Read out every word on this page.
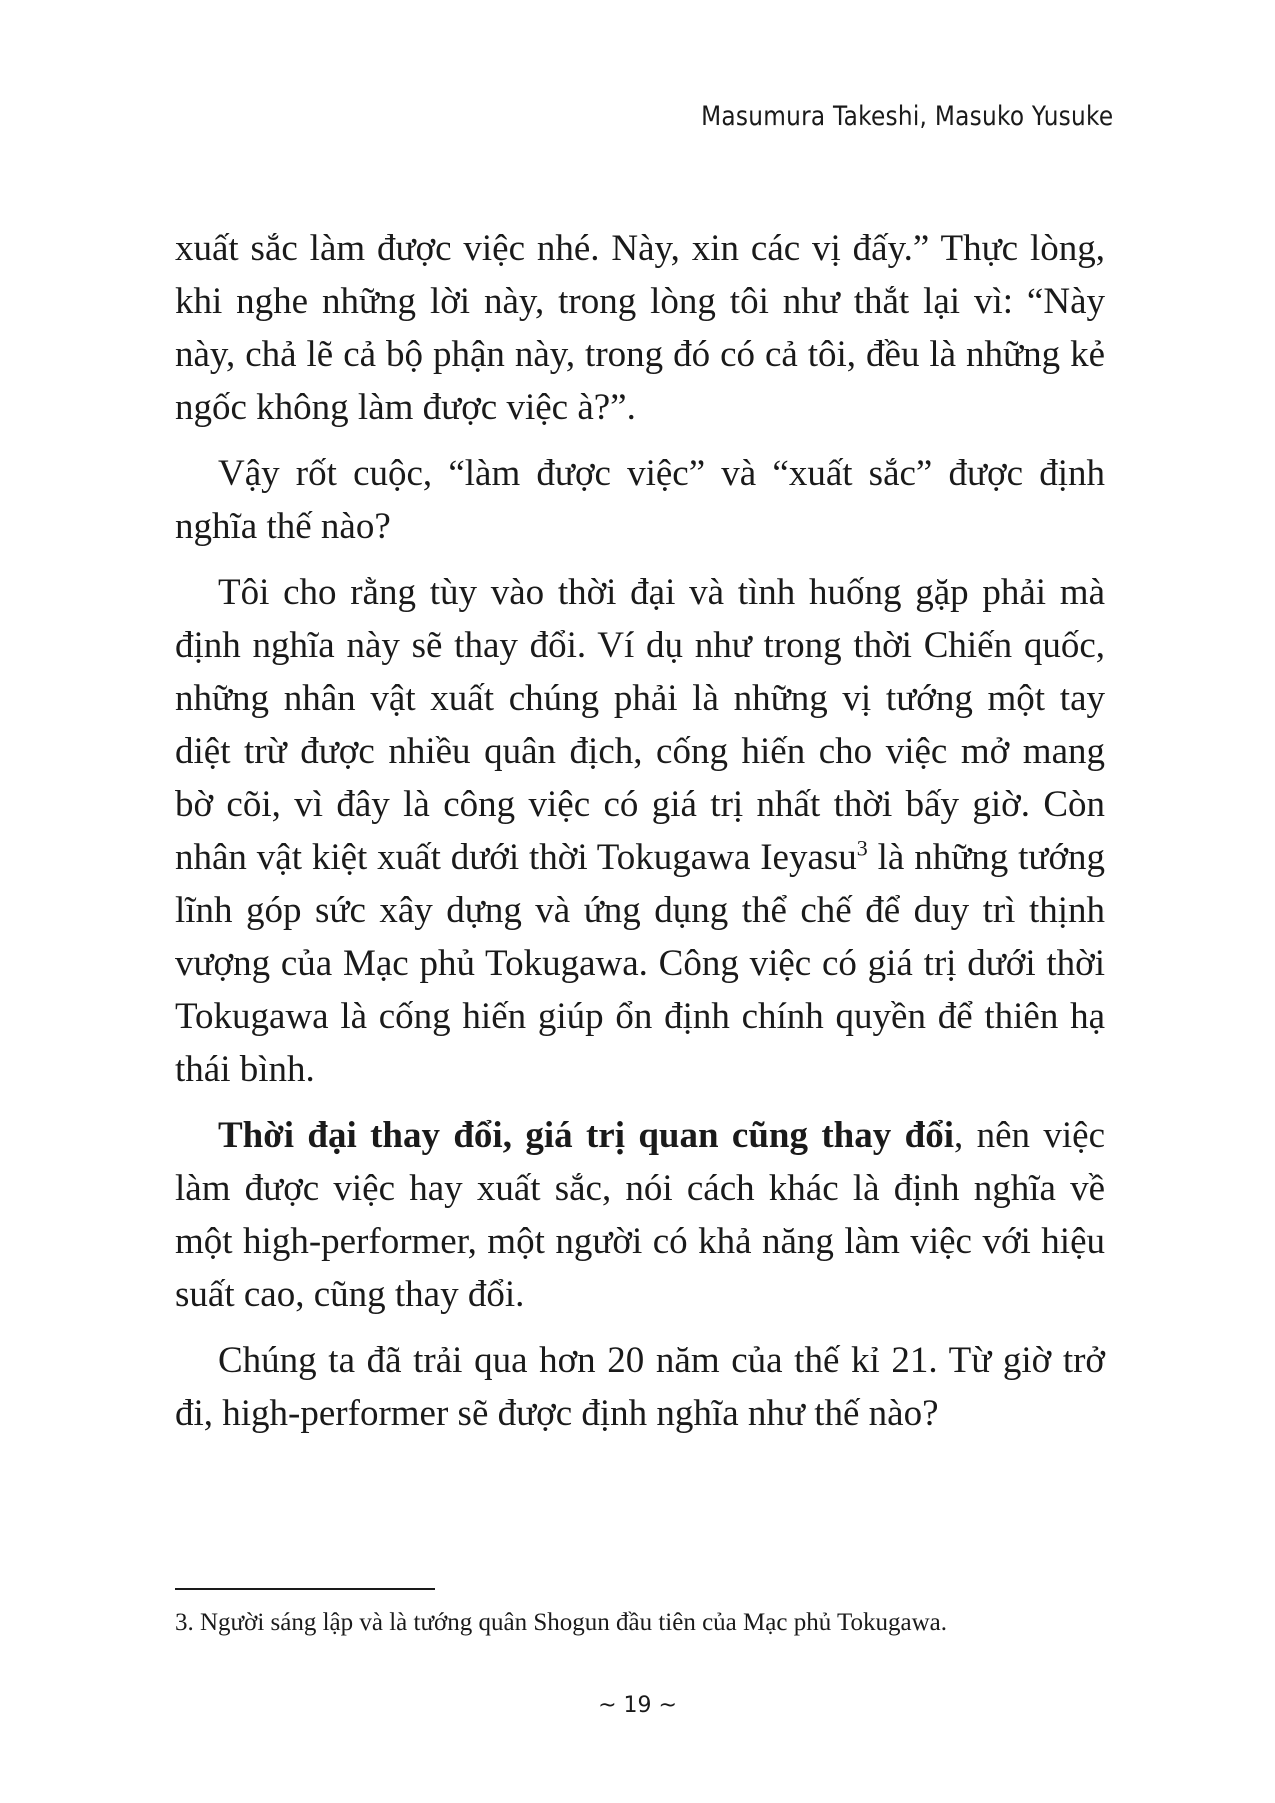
Masumura Takeshi, Masuko Yusuke

xuất sắc làm được việc nhé. Này, xin các vị đấy.” Thực lòng, khi nghe những lời này, trong lòng tôi như thắt lại vì: “Này này, chả lẽ cả bộ phận này, trong đó có cả tôi, đều là những kẻ ngốc không làm được việc à?”.

Vậy rốt cuộc, “làm được việc” và “xuất sắc” được định nghĩa thế nào?

Tôi cho rằng tùy vào thời đại và tình huống gặp phải mà định nghĩa này sẽ thay đổi. Ví dụ như trong thời Chiến quốc, những nhân vật xuất chúng phải là những vị tướng một tay diệt trừ được nhiều quân địch, cống hiến cho việc mở mang bờ cõi, vì đây là công việc có giá trị nhất thời bấy giờ. Còn nhân vật kiệt xuất dưới thời Tokugawa Ieyasu$^3$ là những tướng lĩnh góp sức xây dựng và ứng dụng thể chế để duy trì thịnh vượng của Mạc phủ Tokugawa. Công việc có giá trị dưới thời Tokugawa là cống hiến giúp ổn định chính quyền để thiên hạ thái bình.

Thời đại thay đổi, giá trị quan cũng thay đổi, nên việc làm được việc hay xuất sắc, nói cách khác là định nghĩa về một high-performer, một người có khả năng làm việc với hiệu suất cao, cũng thay đổi.

Chúng ta đã trải qua hơn 20 năm của thế kỉ 21. Từ giờ trở đi, high-performer sẽ được định nghĩa như thế nào?

3. Người sáng lập và là tướng quân Shogun đầu tiên của Mạc phủ Tokugawa.
~ 19 ~
